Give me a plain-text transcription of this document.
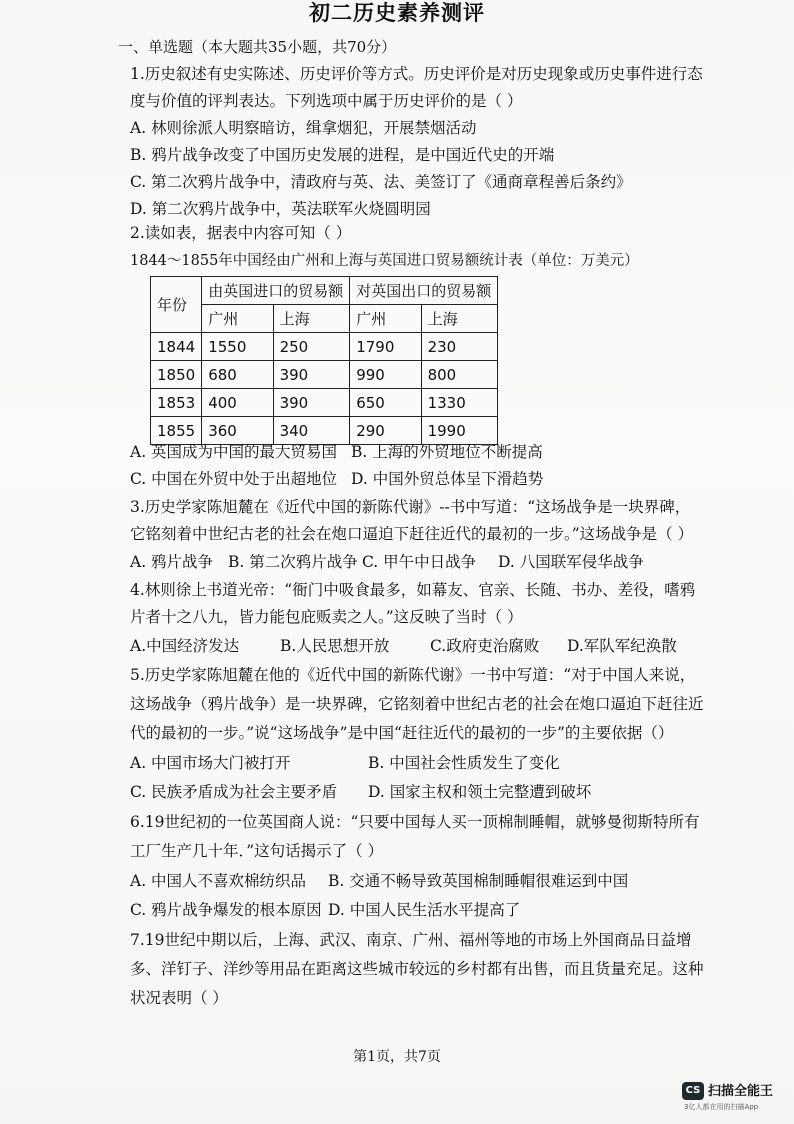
初二历史素养测评
一、单选题（本大题共35小题，共70分）
1.历史叙述有史实陈述、历史评价等方式。历史评价是对历史现象或历史事件进行态
度与价值的评判表达。下列选项中属于历史评价的是（ ）
A. 林则徐派人明察暗访，缉拿烟犯，开展禁烟活动
B. 鸦片战争改变了中国历史发展的进程，是中国近代史的开端
C. 第二次鸦片战争中，清政府与英、法、美签订了《通商章程善后条约》
D. 第二次鸦片战争中，英法联军火烧圆明园
2.读如表，据表中内容可知（ ）
1844～1855年中国经由广州和上海与英国进口贸易额统计表（单位：万美元）
年份	由英国进口的贸易额		对英国出口的贸易额	
	广州	上海	广州	上海
1844	1550	250	1790	230
1850	680	390	990	800
1853	400	390	650	1330
1855	360	340	290	1990
A. 英国成为中国的最大贸易国 B. 上海的外贸地位不断提高
C. 中国在外贸中处于出超地位 D. 中国外贸总体呈下滑趋势
3.历史学家陈旭麓在《近代中国的新陈代谢》--书中写道：“这场战争是一块界碑，
它铭刻着中世纪古老的社会在炮口逼迫下赶往近代的最初的一步。”这场战争是（ ）
A. 鸦片战争 B. 第二次鸦片战争 C. 甲午中日战争 D. 八国联军侵华战争
4.林则徐上书道光帝：“衙门中吸食最多，如幕友、官亲、长随、书办、差役，嗜鸦
片者十之八九，皆力能包庇贩卖之人。”这反映了当时（ ）
A.中国经济发达	B.人民思想开放	C.政府吏治腐败 D.军队军纪涣散
5.历史学家陈旭麓在他的《近代中国的新陈代谢》一书中写道：“对于中国人来说，
这场战争（鸦片战争）是一块界碑，它铭刻着中世纪古老的社会在炮口逼迫下赶往近
代的最初的一步。”说“这场战争”是中国“赶往近代的最初的一步”的主要依据（）
A. 中国市场大门被打开	B. 中国社会性质发生了变化
C. 民族矛盾成为社会主要矛盾 D. 国家主权和领土完整遭到破坏
6.19世纪初的一位英国商人说：“只要中国每人买一顶棉制睡帽，就够曼彻斯特所有
工厂生产几十年．”这句话揭示了（ ）
A. 中国人不喜欢棉纺织品 B. 交通不畅导致英国棉制睡帽很难运到中国
C. 鸦片战争爆发的根本原因 D. 中国人民生活水平提高了
7.19世纪中期以后，上海、武汉、南京、广州、福州等地的市场上外国商品日益增
多、洋钉子、洋纱等用品在距离这些城市较远的乡村都有出售，而且货量充足。这种
状况表明（ ）
第1页，共7页
CS 扫描全能王
3亿人都在用的扫描App
